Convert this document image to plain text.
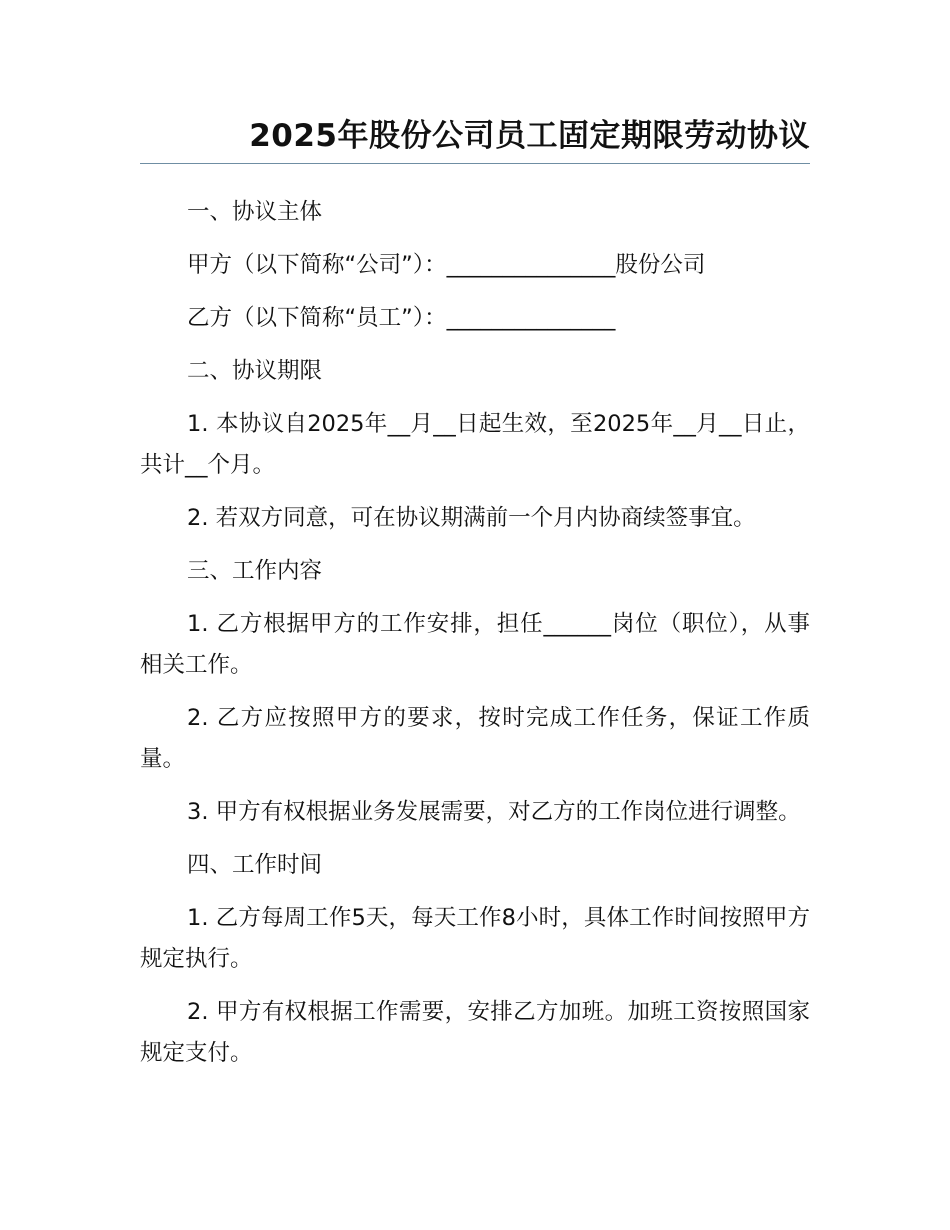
2025年股份公司员工固定期限劳动协议

一、协议主体

甲方（以下简称“公司”）：_______________股份公司

乙方（以下简称“员工”）：_______________

二、协议期限

1. 本协议自2025年__月__日起生效，至2025年__月__日止，共计__个月。

2. 若双方同意，可在协议期满前一个月内协商续签事宜。

三、工作内容

1. 乙方根据甲方的工作安排，担任______岗位（职位），从事相关工作。

2. 乙方应按照甲方的要求，按时完成工作任务，保证工作质量。

3. 甲方有权根据业务发展需要，对乙方的工作岗位进行调整。

四、工作时间

1. 乙方每周工作5天，每天工作8小时，具体工作时间按照甲方规定执行。

2. 甲方有权根据工作需要，安排乙方加班。加班工资按照国家规定支付。
